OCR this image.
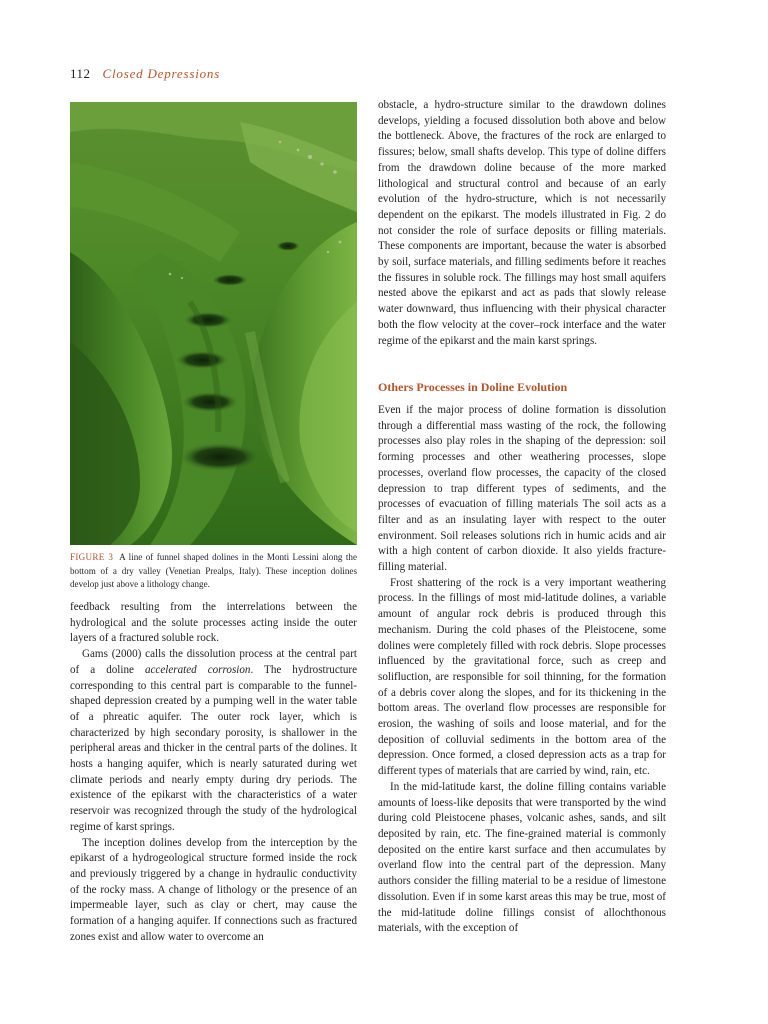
112 Closed Depressions
FIGURE 3 A line of funnel shaped dolines in the Monti Lessini along the bottom of a dry valley (Venetian Prealps, Italy). These inception dolines develop just above a lithology change.

feedback resulting from the interrelations between the hydrological and the solute processes acting inside the outer layers of a fractured soluble rock.

Gams (2000) calls the dissolution process at the central part of a doline accelerated corrosion. The hydrostructure corresponding to this central part is comparable to the funnel-shaped depression created by a pumping well in the water table of a phreatic aquifer. The outer rock layer, which is characterized by high secondary porosity, is shallower in the peripheral areas and thicker in the central parts of the dolines. It hosts a hanging aquifer, which is nearly saturated during wet climate periods and nearly empty during dry periods. The existence of the epikarst with the characteristics of a water reservoir was recognized through the study of the hydrological regime of karst springs.

The inception dolines develop from the interception by the epikarst of a hydrogeological structure formed inside the rock and previously triggered by a change in hydraulic conductivity of the rocky mass. A change of lithology or the presence of an impermeable layer, such as clay or chert, may cause the formation of a hanging aquifer. If connections such as fractured zones exist and allow water to overcome an

obstacle, a hydro-structure similar to the drawdown dolines develops, yielding a focused dissolution both above and below the bottleneck. Above, the fractures of the rock are enlarged to fissures; below, small shafts develop. This type of doline differs from the drawdown doline because of the more marked lithological and structural control and because of an early evolution of the hydro-structure, which is not necessarily dependent on the epikarst. The models illustrated in Fig. 2 do not consider the role of surface deposits or filling materials. These components are important, because the water is absorbed by soil, surface materials, and filling sediments before it reaches the fissures in soluble rock. The fillings may host small aquifers nested above the epikarst and act as pads that slowly release water downward, thus influencing with their physical character both the flow velocity at the cover–rock interface and the water regime of the epikarst and the main karst springs.

Others Processes in Doline Evolution

Even if the major process of doline formation is dissolution through a differential mass wasting of the rock, the following processes also play roles in the shaping of the depression: soil forming processes and other weathering processes, slope processes, overland flow processes, the capacity of the closed depression to trap different types of sediments, and the processes of evacuation of filling materials The soil acts as a filter and as an insulating layer with respect to the outer environment. Soil releases solutions rich in humic acids and air with a high content of carbon dioxide. It also yields fracture-filling material.

Frost shattering of the rock is a very important weathering process. In the fillings of most mid-latitude dolines, a variable amount of angular rock debris is produced through this mechanism. During the cold phases of the Pleistocene, some dolines were completely filled with rock debris. Slope processes influenced by the gravitational force, such as creep and solifluction, are responsible for soil thinning, for the formation of a debris cover along the slopes, and for its thickening in the bottom areas. The overland flow processes are responsible for erosion, the washing of soils and loose material, and for the deposition of colluvial sediments in the bottom area of the depression. Once formed, a closed depression acts as a trap for different types of materials that are carried by wind, rain, etc.

In the mid-latitude karst, the doline filling contains variable amounts of loess-like deposits that were transported by the wind during cold Pleistocene phases, volcanic ashes, sands, and silt deposited by rain, etc. The fine-grained material is commonly deposited on the entire karst surface and then accumulates by overland flow into the central part of the depression. Many authors consider the filling material to be a residue of limestone dissolution. Even if in some karst areas this may be true, most of the mid-latitude doline fillings consist of allochthonous materials, with the exception of
